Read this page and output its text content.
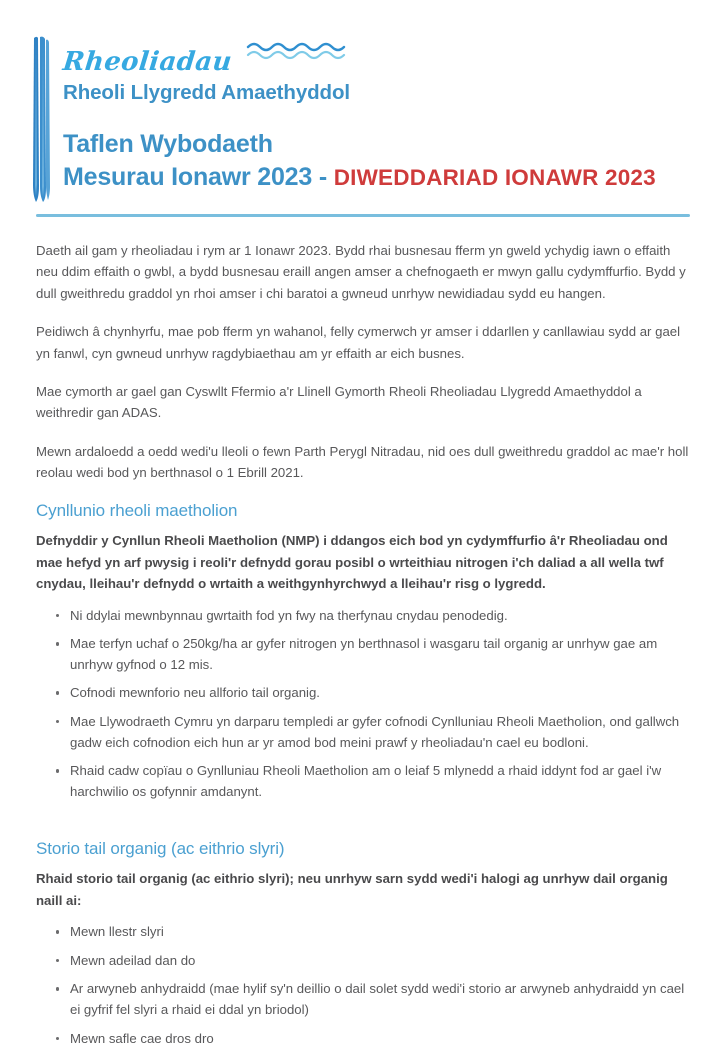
Rheoliadau
Rheoli Llygredd Amaethyddol
Taflen Wybodaeth
Mesurau Ionawr 2023 - DIWEDDARIAD IONAWR 2023

Daeth ail gam y rheoliadau i rym ar 1 Ionawr 2023. Bydd rhai busnesau fferm yn gweld ychydig iawn o effaith neu ddim effaith o gwbl, a bydd busnesau eraill angen amser a chefnogaeth er mwyn gallu cydymffurfio. Bydd y dull gweithredu graddol yn rhoi amser i chi baratoi a gwneud unrhyw newidiadau sydd eu hangen.

Peidiwch â chynhyrfu, mae pob fferm yn wahanol, felly cymerwch yr amser i ddarllen y canllawiau sydd ar gael yn fanwl, cyn gwneud unrhyw ragdybiaethau am yr effaith ar eich busnes.

Mae cymorth ar gael gan Cyswllt Ffermio a'r Llinell Gymorth Rheoli Rheoliadau Llygredd Amaethyddol a weithredir gan ADAS.

Mewn ardaloedd a oedd wedi'u lleoli o fewn Parth Perygl Nitradau, nid oes dull gweithredu graddol ac mae'r holl reolau wedi bod yn berthnasol o 1 Ebrill 2021.

Cynllunio rheoli maetholion

Defnyddir y Cynllun Rheoli Maetholion (NMP) i ddangos eich bod yn cydymffurfio â'r Rheoliadau ond mae hefyd yn arf pwysig i reoli'r defnydd gorau posibl o wrteithiau nitrogen i'ch daliad a all wella twf cnydau, lleihau'r defnydd o wrtaith a weithgynhyrchwyd a lleihau'r risg o lygredd.

Ni ddylai mewnbynnau gwrtaith fod yn fwy na therfynau cnydau penodedig.
Mae terfyn uchaf o 250kg/ha ar gyfer nitrogen yn berthnasol i wasgaru tail organig ar unrhyw gae am unrhyw gyfnod o 12 mis.
Cofnodi mewnforio neu allforio tail organig.
Mae Llywodraeth Cymru yn darparu templedi ar gyfer cofnodi Cynlluniau Rheoli Maetholion, ond gallwch gadw eich cofnodion eich hun ar yr amod bod meini prawf y rheoliadau'n cael eu bodloni.
Rhaid cadw copïau o Gynlluniau Rheoli Maetholion am o leiaf 5 mlynedd a rhaid iddynt fod ar gael i'w harchwilio os gofynnir amdanynt.
Storio tail organig (ac eithrio slyri)

Rhaid storio tail organig (ac eithrio slyri); neu unrhyw sarn sydd wedi'i halogi ag unrhyw dail organig naill ai:

Mewn llestr slyri
Mewn adeilad dan do
Ar arwyneb anhydraidd (mae hylif sy'n deillio o dail solet sydd wedi'i storio ar arwyneb anhydraidd yn cael ei gyfrif fel slyri a rhaid ei ddal yn briodol)
Mewn safle cae dros dro
